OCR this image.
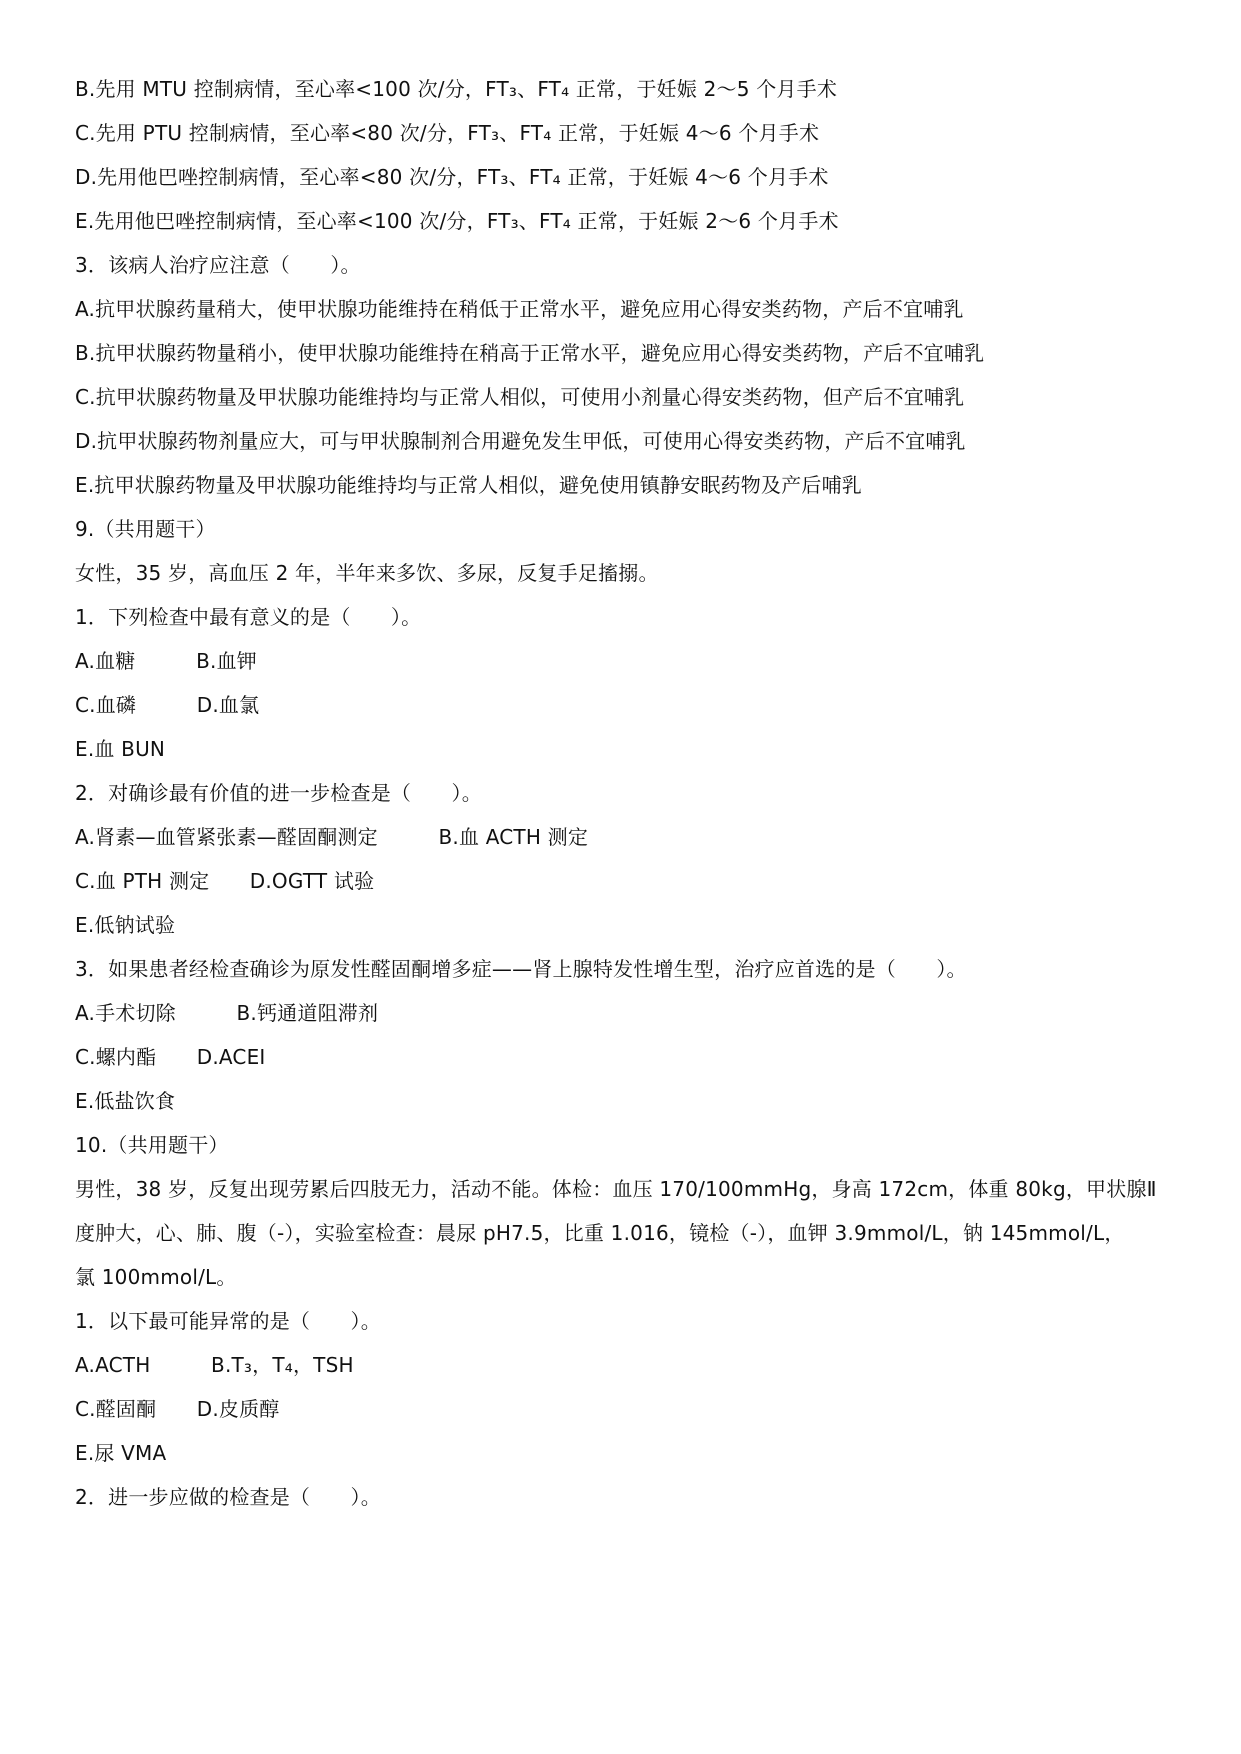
B.先用 MTU 控制病情，至心率<100 次/分，FT₃、FT₄ 正常，于妊娠 2～5 个月手术
C.先用 PTU 控制病情，至心率<80 次/分，FT₃、FT₄ 正常，于妊娠 4～6 个月手术
D.先用他巴唑控制病情，至心率<80 次/分，FT₃、FT₄ 正常，于妊娠 4～6 个月手术
E.先用他巴唑控制病情，至心率<100 次/分，FT₃、FT₄ 正常，于妊娠 2～6 个月手术
3．该病人治疗应注意（　　）。
A.抗甲状腺药量稍大，使甲状腺功能维持在稍低于正常水平，避免应用心得安类药物，产后不宜哺乳
B.抗甲状腺药物量稍小，使甲状腺功能维持在稍高于正常水平，避免应用心得安类药物，产后不宜哺乳
C.抗甲状腺药物量及甲状腺功能维持均与正常人相似，可使用小剂量心得安类药物，但产后不宜哺乳
D.抗甲状腺药物剂量应大，可与甲状腺制剂合用避免发生甲低，可使用心得安类药物，产后不宜哺乳
E.抗甲状腺药物量及甲状腺功能维持均与正常人相似，避免使用镇静安眠药物及产后哺乳
9.（共用题干）
女性，35 岁，高血压 2 年，半年来多饮、多尿，反复手足搐搦。
1．下列检查中最有意义的是（　　）。
A.血糖　　　B.血钾
C.血磷　　　D.血氯
E.血 BUN
2．对确诊最有价值的进一步检查是（　　）。
A.肾素—血管紧张素—醛固酮测定　　　B.血 ACTH 测定
C.血 PTH 测定　　D.OGTT 试验
E.低钠试验
3．如果患者经检查确诊为原发性醛固酮增多症——肾上腺特发性增生型，治疗应首选的是（　　）。
A.手术切除　　　B.钙通道阻滞剂
C.螺内酯　　D.ACEI
E.低盐饮食
10.（共用题干）
男性，38 岁，反复出现劳累后四肢无力，活动不能。体检：血压 170/100mmHg，身高 172cm，体重 80kg，甲状腺Ⅱ
度肿大，心、肺、腹（-），实验室检查：晨尿 pH7.5，比重 1.016，镜检（-），血钾 3.9mmol/L，钠 145mmol/L，
氯 100mmol/L。
1．以下最可能异常的是（　　）。
A.ACTH　　　B.T₃，T₄，TSH
C.醛固酮　　D.皮质醇
E.尿 VMA
2．进一步应做的检查是（　　）。
